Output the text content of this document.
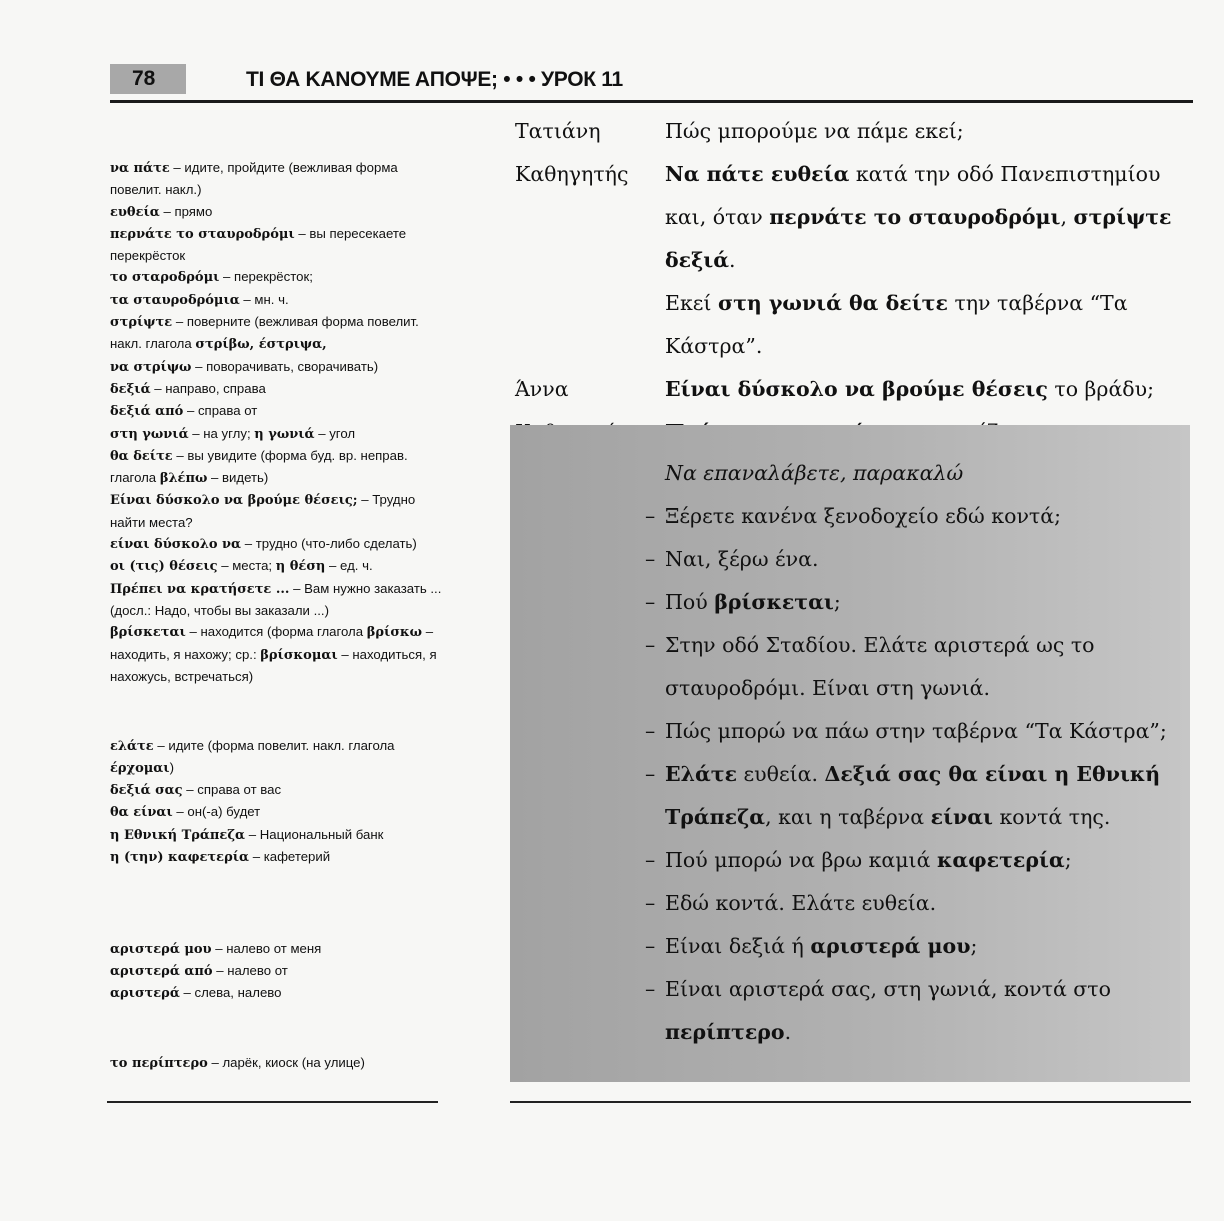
78	ΤΙ ΘΑ ΚΑΝΟΥΜΕ ΑΠΟΨΕ; • • • УРОК 11

να πάτε – идите, пройдите (вежливая форма повелит. накл.)

ευθεία – прямо

περνάτε το σταυροδρόμι – вы пересекаете перекрёсток

το σταροδρόμι – перекрёсток;

τα σταυροδρόμια – мн. ч.

στρίψτε – поверните (вежливая форма повелит. накл. глагола στρίβω, έστριψα,

να στρίψω – поворачивать, сворачивать)

δεξιά – направо, справа

δεξιά από – справа от

στη γωνιά – на углу; η γωνιά – угол

θα δείτε – вы увидите (форма буд. вр. неправ. глагола βλέπω – видеть)

Είναι δύσκολο να βρούμε θέσεις; – Трудно найти места?

είναι δύσκολο να – трудно (что-либо сделать)

οι (τις) θέσεις – места; η θέση – ед. ч.

Πρέπει να κρατήσετε ... – Вам нужно заказать ... (досл.: Надо, чтобы вы заказали ...)

βρίσκεται – находится (форма глагола βρίσκω – находить, я нахожу; ср.: βρίσκομαι – находиться, я нахожусь, встречаться)

ελάτε – идите (форма повелит. накл. глагола έρχομαι)

δεξιά σας – справа от вас

θα είναι – он(-а) будет

η Εθνική Τράπεζα – Национальный банк

η (την) καφετερία – кафетерий

αριστερά μου – налево от меня

αριστερά από – налево от

αριστερά – слева, налево

το περίπτερο – ларёк, киоск (на улице)

Τατιάνη	Πώς μπορούμε να πάμε εκεί;
Καθηγητής	Να πάτε ευθεία κατά την οδό Πανεπιστημίου
και, όταν περνάτε το σταυροδρόμι, στρίψτε δεξιά.
Εκεί στη γωνιά θα δείτε την ταβέρνα “Τα
Κάστρα”.
Άννα	Είναι δύσκολο να βρούμε θέσεις το βράδυ;
Να επαναλάβετε, παρακαλώ
– Ξέρετε κανένα ξενοδοχείο εδώ κοντά;
– Ναι, ξέρω ένα.
– Πού βρίσκεται;
– Στην οδό Σταδίου. Ελάτε αριστερά ως το
σταυροδρόμι. Είναι στη γωνιά.
– Πώς μπορώ να πάω στην ταβέρνα “Τα Κάστρα”;
– Ελάτε ευθεία. Δεξιά σας θα είναι η Εθνική
Τράπεζα, και η ταβέρνα είναι κοντά της.
– Πού μπορώ να βρω καμιά καφετερία;
– Εδώ κοντά. Ελάτε ευθεία.
– Είναι δεξιά ή αριστερά μου;
– Είναι αριστερά σας, στη γωνιά, κοντά στο
περίπτερο.
